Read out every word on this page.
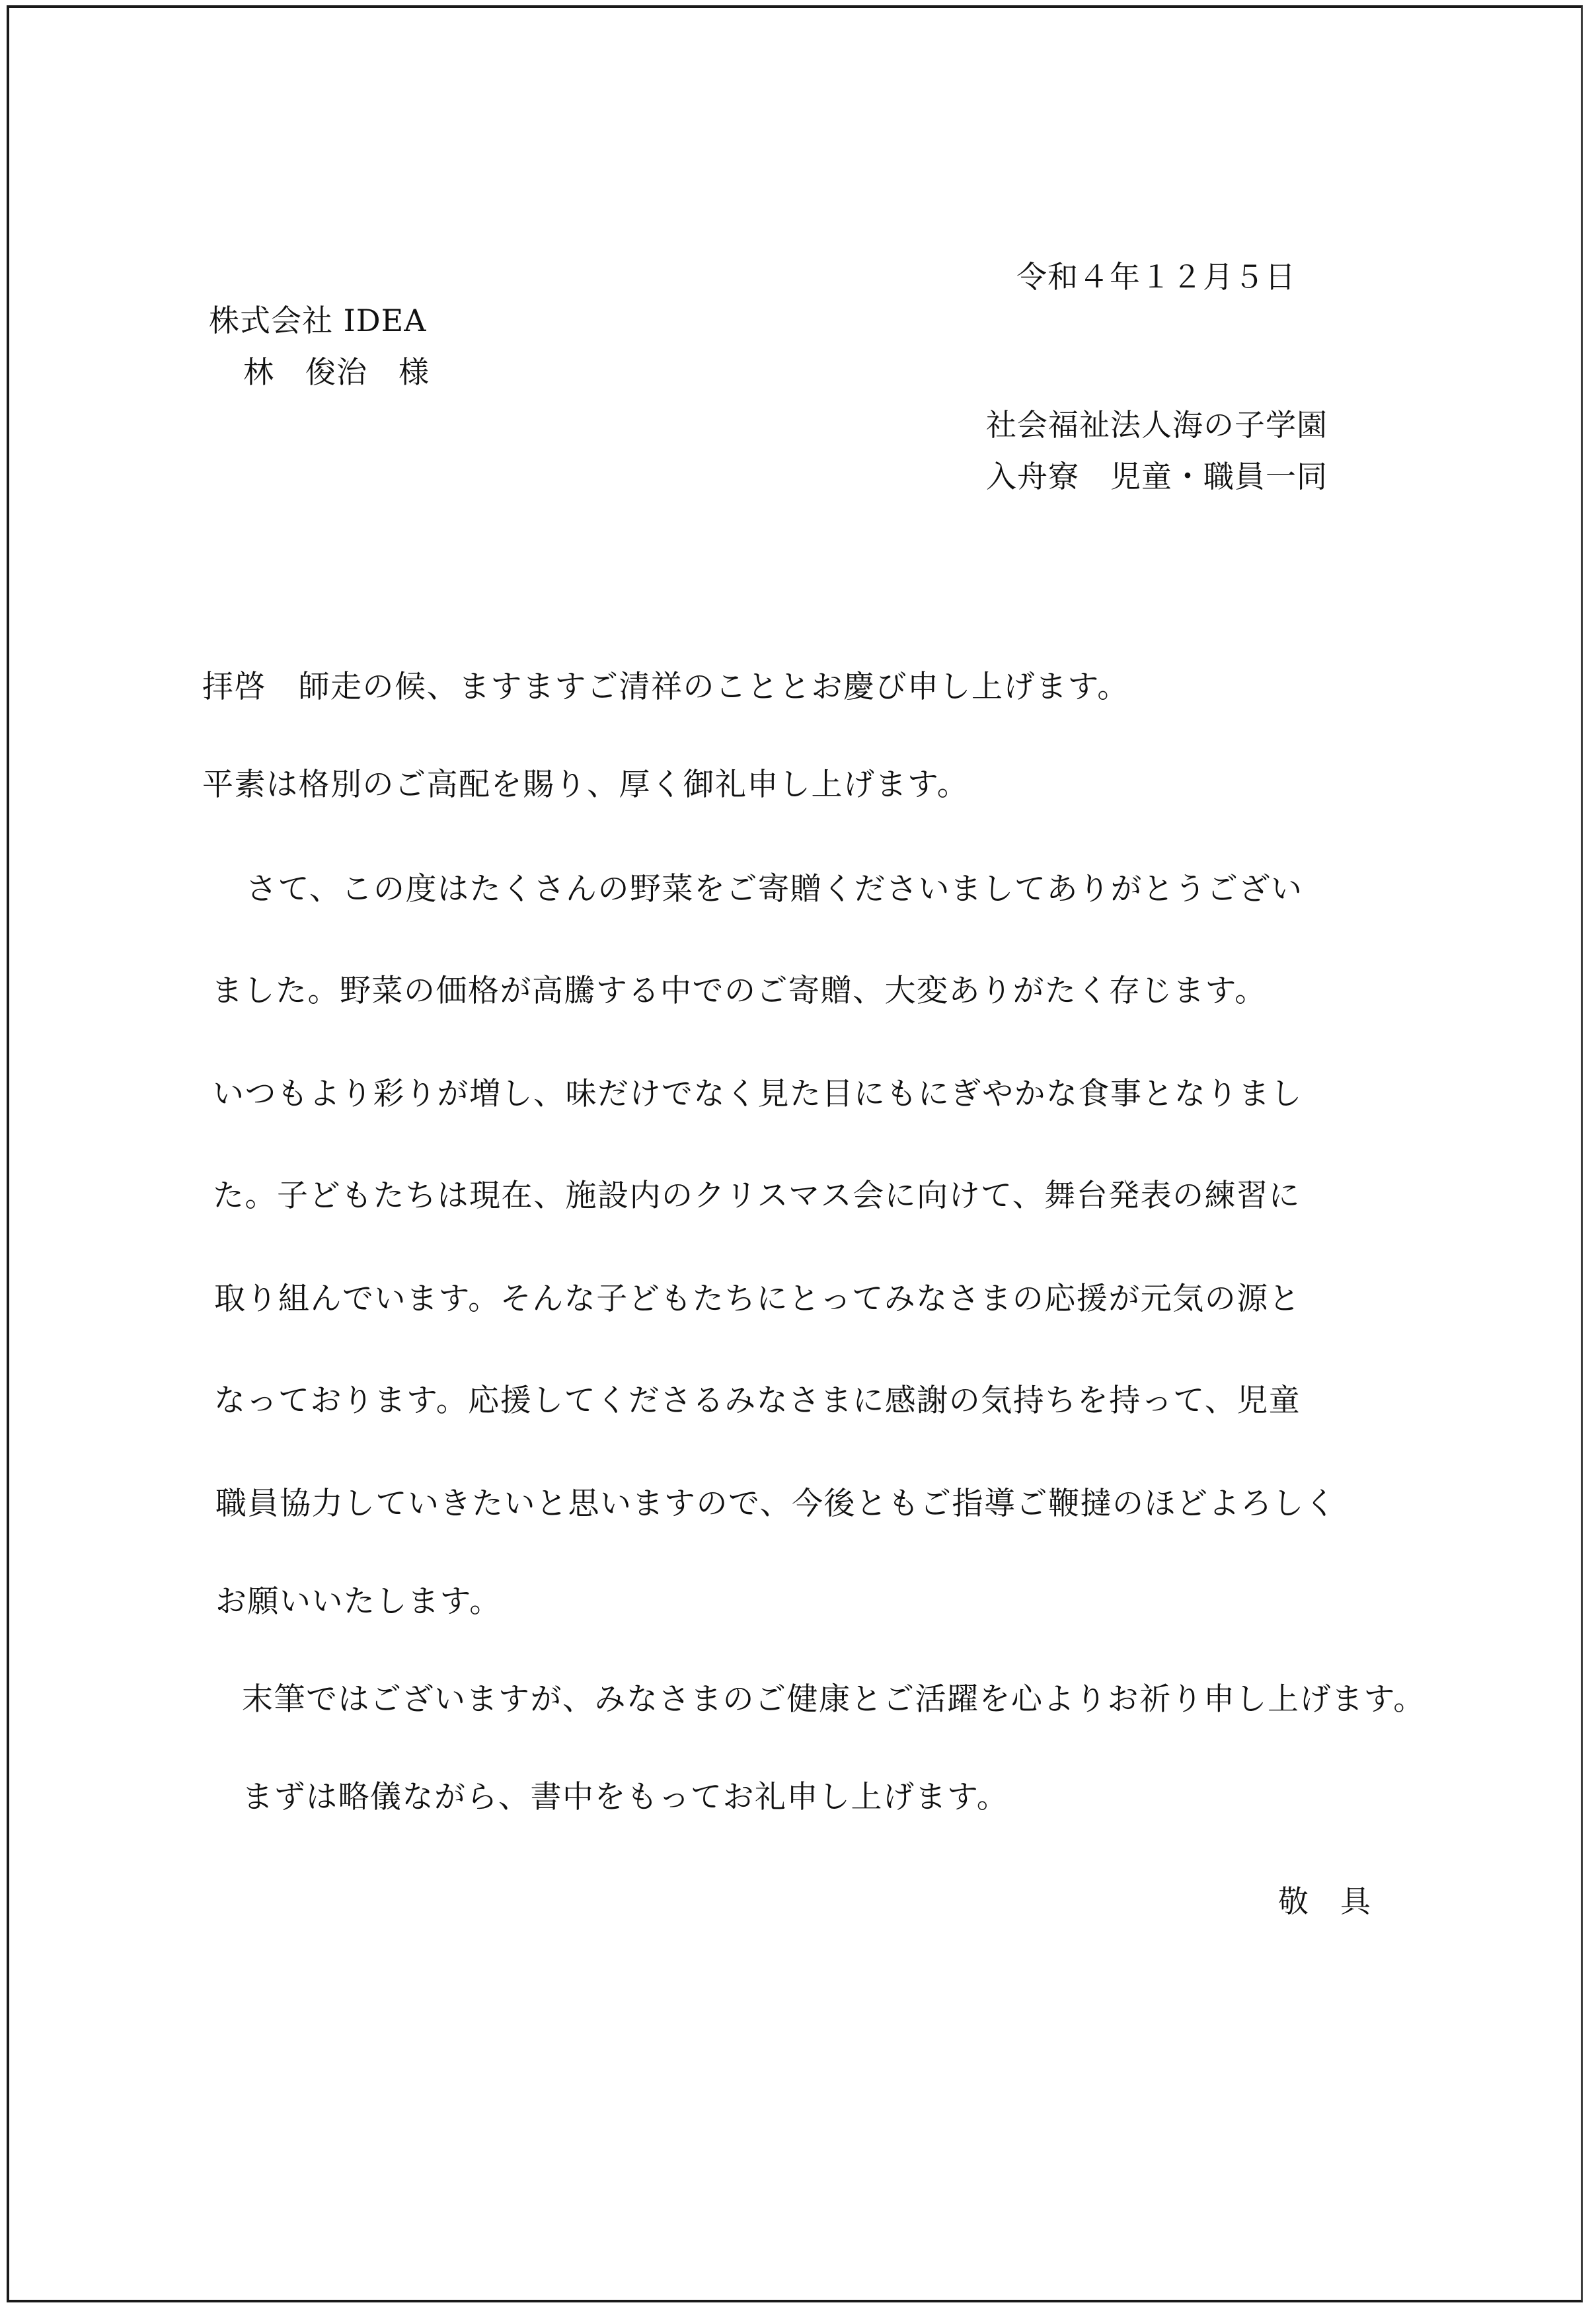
令和４年１２月５日
株式会社 IDEA
林　俊治　様
社会福祉法人海の子学園
入舟寮　児童・職員一同
拝啓　師走の候、ますますご清祥のこととお慶び申し上げます。
平素は格別のご高配を賜り、厚く御礼申し上げます。
さて、この度はたくさんの野菜をご寄贈くださいましてありがとうござい
ました。野菜の価格が高騰する中でのご寄贈、大変ありがたく存じます。
いつもより彩りが増し、味だけでなく見た目にもにぎやかな食事となりまし
た。子どもたちは現在、施設内のクリスマス会に向けて、舞台発表の練習に
取り組んでいます。そんな子どもたちにとってみなさまの応援が元気の源と
なっております。応援してくださるみなさまに感謝の気持ちを持って、児童
職員協力していきたいと思いますので、今後ともご指導ご鞭撻のほどよろしく
お願いいたします。
末筆ではございますが、みなさまのご健康とご活躍を心よりお祈り申し上げます。
まずは略儀ながら、書中をもってお礼申し上げます。
敬　具
